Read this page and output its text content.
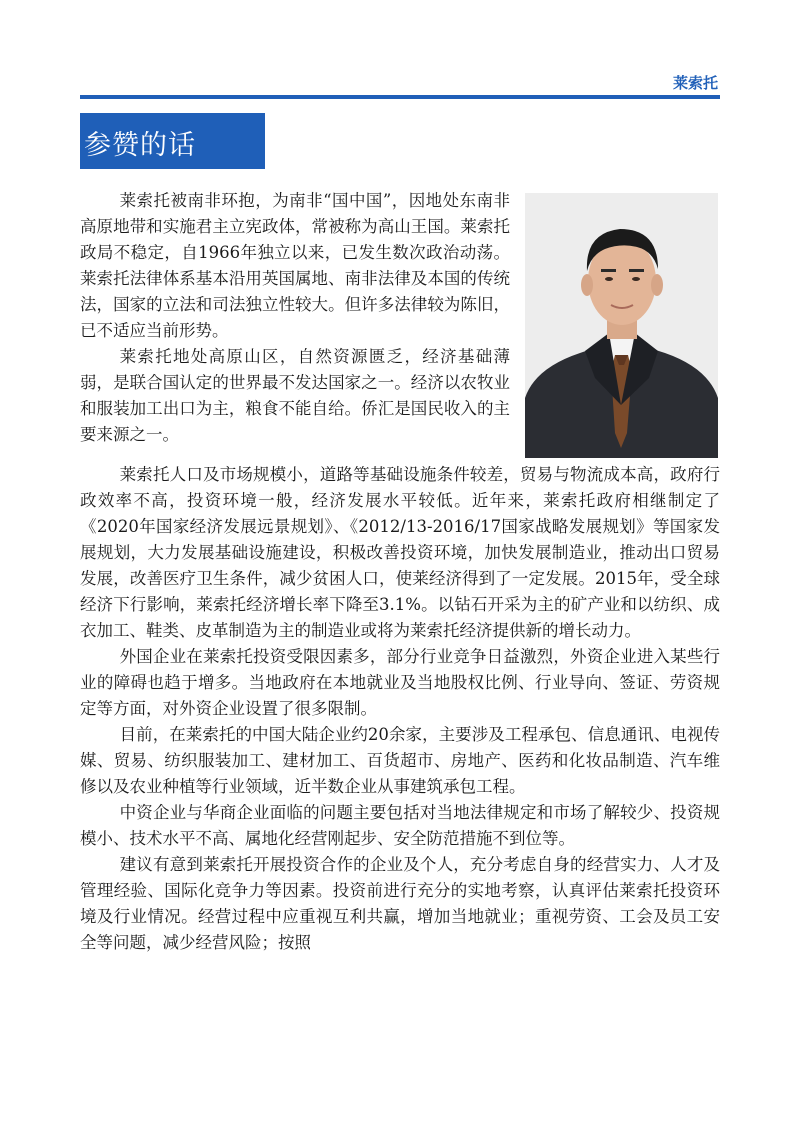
莱索托
参赞的话

莱索托被南非环抱，为南非“国中国”，因地处东南非高原地带和实施君主立宪政体，常被称为高山王国。莱索托政局不稳定，自1966年独立以来，已发生数次政治动荡。莱索托法律体系基本沿用英国属地、南非法律及本国的传统法，国家的立法和司法独立性较大。但许多法律较为陈旧，已不适应当前形势。

莱索托地处高原山区，自然资源匮乏，经济基础薄弱，是联合国认定的世界最不发达国家之一。经济以农牧业和服装加工出口为主，粮食不能自给。侨汇是国民收入的主要来源之一。

莱索托人口及市场规模小，道路等基础设施条件较差，贸易与物流成本高，政府行政效率不高，投资环境一般，经济发展水平较低。近年来，莱索托政府相继制定了《2020年国家经济发展远景规划》、《2012/13-2016/17国家战略发展规划》等国家发展规划，大力发展基础设施建设，积极改善投资环境，加快发展制造业，推动出口贸易发展，改善医疗卫生条件，减少贫困人口，使莱经济得到了一定发展。2015年，受全球经济下行影响，莱索托经济增长率下降至3.1%。以钻石开采为主的矿产业和以纺织、成衣加工、鞋类、皮革制造为主的制造业或将为莱索托经济提供新的增长动力。

外国企业在莱索托投资受限因素多，部分行业竞争日益激烈，外资企业进入某些行业的障碍也趋于增多。当地政府在本地就业及当地股权比例、行业导向、签证、劳资规定等方面，对外资企业设置了很多限制。

目前，在莱索托的中国大陆企业约20余家，主要涉及工程承包、信息通讯、电视传媒、贸易、纺织服装加工、建材加工、百货超市、房地产、医药和化妆品制造、汽车维修以及农业种植等行业领域，近半数企业从事建筑承包工程。

中资企业与华商企业面临的问题主要包括对当地法律规定和市场了解较少、投资规模小、技术水平不高、属地化经营刚起步、安全防范措施不到位等。

建议有意到莱索托开展投资合作的企业及个人，充分考虑自身的经营实力、人才及管理经验、国际化竞争力等因素。投资前进行充分的实地考察，认真评估莱索托投资环境及行业情况。经营过程中应重视互利共赢，增加当地就业；重视劳资、工会及员工安全等问题，减少经营风险；按照
